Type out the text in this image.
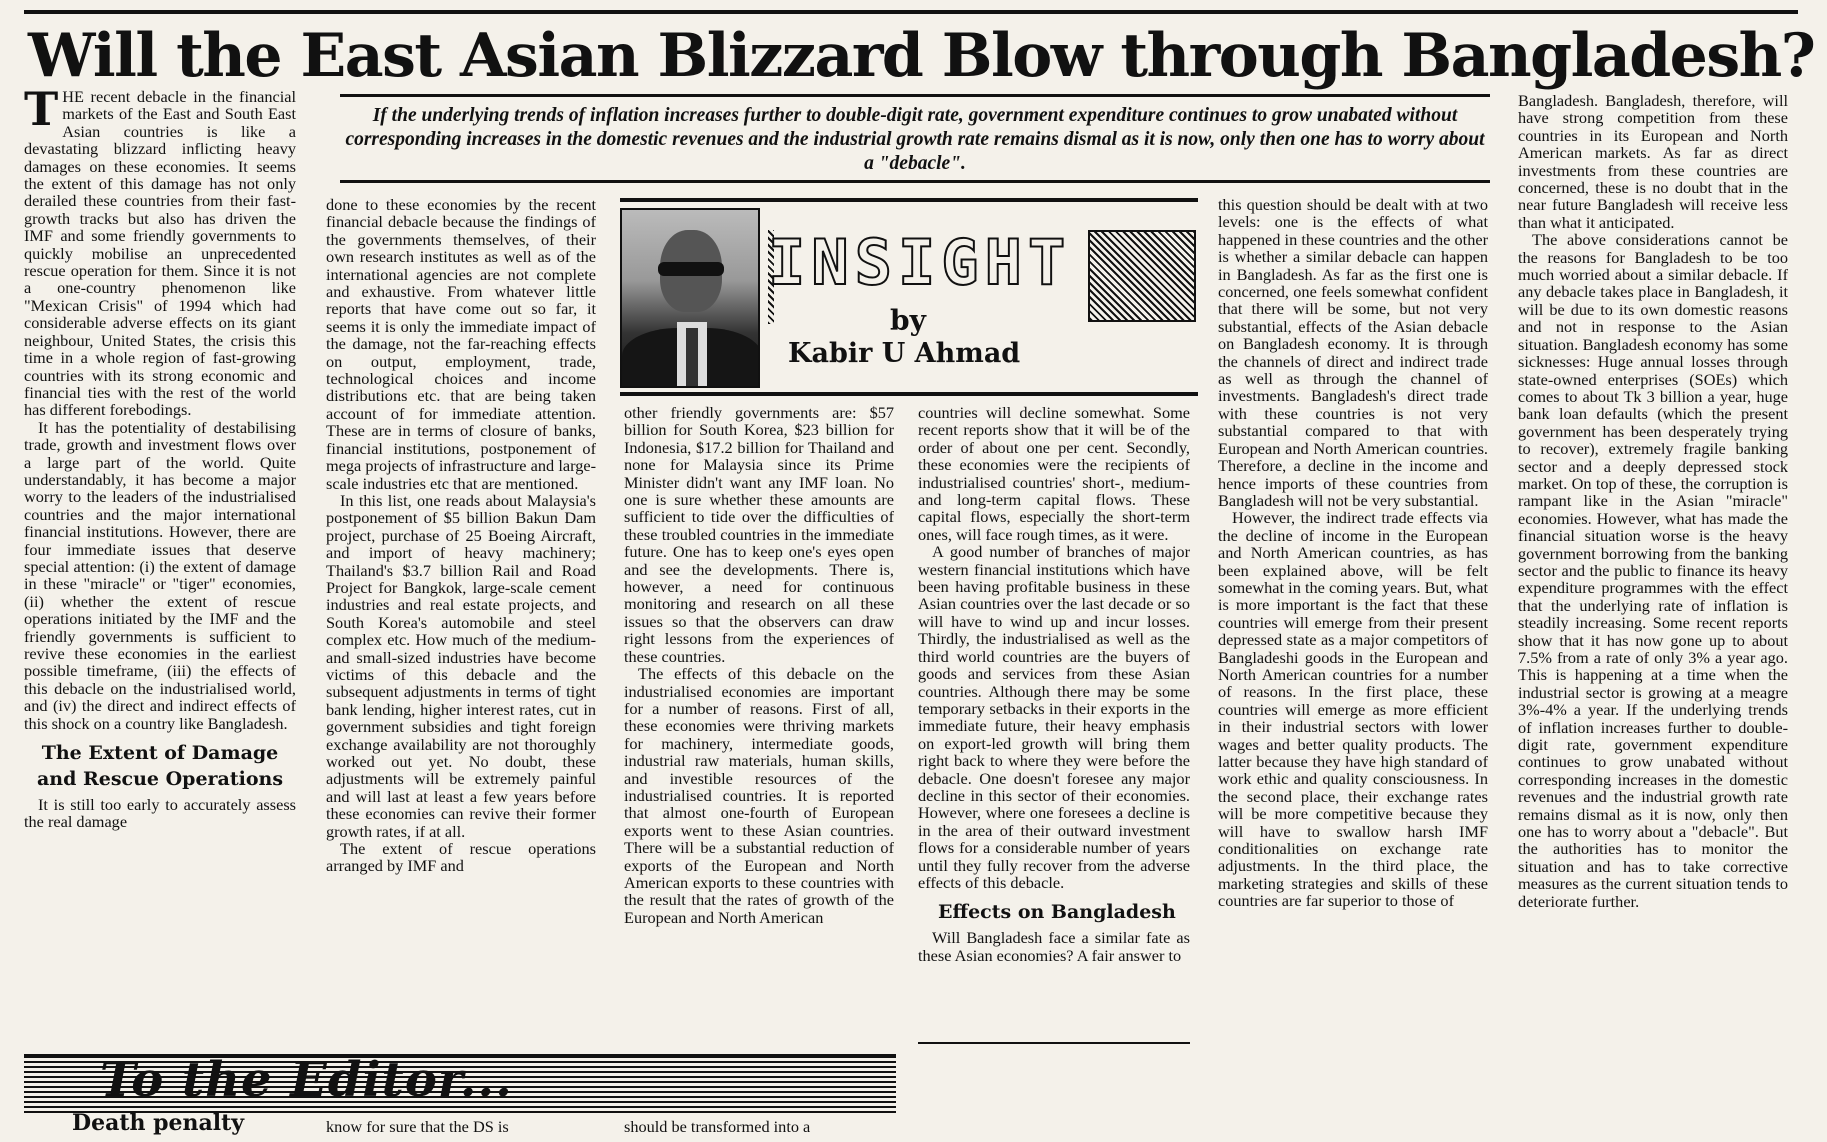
Will the East Asian Blizzard Blow through Bangladesh?

THE recent debacle in the financial markets of the East and South East Asian countries is like a devastating blizzard inflicting heavy damages on these economies. It seems the extent of this damage has not only derailed these countries from their fast-growth tracks but also has driven the IMF and some friendly governments to quickly mobilise an unprecedented rescue operation for them. Since it is not a one-country phenomenon like "Mexican Crisis" of 1994 which had considerable adverse effects on its giant neighbour, United States, the crisis this time in a whole region of fast-growing countries with its strong economic and financial ties with the rest of the world has different forebodings.

It has the potentiality of destabilising trade, growth and investment flows over a large part of the world. Quite understandably, it has become a major worry to the leaders of the industrialised countries and the major international financial institutions. However, there are four immediate issues that deserve special attention: (i) the extent of damage in these "miracle" or "tiger" economies, (ii) whether the extent of rescue operations initiated by the IMF and the friendly governments is sufficient to revive these economies in the earliest possible timeframe, (iii) the effects of this debacle on the industrialised world, and (iv) the direct and indirect effects of this shock on a country like Bangladesh.

The Extent of Damage
and Rescue Operations

It is still too early to accurately assess the real damage

If the underlying trends of inflation increases further to double-digit rate, government expenditure continues to grow unabated without corresponding increases in the domestic revenues and the industrial growth rate remains dismal as it is now, only then one has to worry about a "debacle".

done to these economies by the recent financial debacle because the findings of the governments themselves, of their own research institutes as well as of the international agencies are not complete and exhaustive. From whatever little reports that have come out so far, it seems it is only the immediate impact of the damage, not the far-reaching effects on output, employment, trade, technological choices and income distributions etc. that are being taken account of for immediate attention. These are in terms of closure of banks, financial institutions, postponement of mega projects of infrastructure and large-scale industries etc that are mentioned.

In this list, one reads about Malaysia's postponement of $5 billion Bakun Dam project, purchase of 25 Boeing Aircraft, and import of heavy machinery; Thailand's $3.7 billion Rail and Road Project for Bangkok, large-scale cement industries and real estate projects, and South Korea's automobile and steel complex etc. How much of the medium- and small-sized industries have become victims of this debacle and the subsequent adjustments in terms of tight bank lending, higher interest rates, cut in government subsidies and tight foreign exchange availability are not thoroughly worked out yet. No doubt, these adjustments will be extremely painful and will last at least a few years before these economies can revive their former growth rates, if at all.

The extent of rescue operations arranged by IMF and

INSIGHT
by
Kabir U Ahmad

other friendly governments are: $57 billion for South Korea, $23 billion for Indonesia, $17.2 billion for Thailand and none for Malaysia since its Prime Minister didn't want any IMF loan. No one is sure whether these amounts are sufficient to tide over the difficulties of these troubled countries in the immediate future. One has to keep one's eyes open and see the developments. There is, however, a need for continuous monitoring and research on all these issues so that the observers can draw right lessons from the experiences of these countries.

The effects of this debacle on the industrialised economies are important for a number of reasons. First of all, these economies were thriving markets for machinery, intermediate goods, industrial raw materials, human skills, and investible resources of the industrialised countries. It is reported that almost one-fourth of European exports went to these Asian countries. There will be a substantial reduction of exports of the European and North American exports to these countries with the result that the rates of growth of the European and North American

countries will decline somewhat. Some recent reports show that it will be of the order of about one per cent. Secondly, these economies were the recipients of industrialised countries' short-, medium- and long-term capital flows. These capital flows, especially the short-term ones, will face rough times, as it were.

A good number of branches of major western financial institutions which have been having profitable business in these Asian countries over the last decade or so will have to wind up and incur losses. Thirdly, the industrialised as well as the third world countries are the buyers of goods and services from these Asian countries. Although there may be some temporary setbacks in their exports in the immediate future, their heavy emphasis on export-led growth will bring them right back to where they were before the debacle. One doesn't foresee any major decline in this sector of their economies. However, where one foresees a decline is in the area of their outward investment flows for a considerable number of years until they fully recover from the adverse effects of this debacle.

Effects on Bangladesh

Will Bangladesh face a similar fate as these Asian economies? A fair answer to

this question should be dealt with at two levels: one is the effects of what happened in these countries and the other is whether a similar debacle can happen in Bangladesh. As far as the first one is concerned, one feels somewhat confident that there will be some, but not very substantial, effects of the Asian debacle on Bangladesh economy. It is through the channels of direct and indirect trade as well as through the channel of investments. Bangladesh's direct trade with these countries is not very substantial compared to that with European and North American countries. Therefore, a decline in the income and hence imports of these countries from Bangladesh will not be very substantial.

However, the indirect trade effects via the decline of income in the European and North American countries, as has been explained above, will be felt somewhat in the coming years. But, what is more important is the fact that these countries will emerge from their present depressed state as a major competitors of Bangladeshi goods in the European and North American countries for a number of reasons. In the first place, these countries will emerge as more efficient in their industrial sectors with lower wages and better quality products. The latter because they have high standard of work ethic and quality consciousness. In the second place, their exchange rates will be more competitive because they will have to swallow harsh IMF conditionalities on exchange rate adjustments. In the third place, the marketing strategies and skills of these countries are far superior to those of

Bangladesh. Bangladesh, therefore, will have strong competition from these countries in its European and North American markets. As far as direct investments from these countries are concerned, these is no doubt that in the near future Bangladesh will receive less than what it anticipated.

The above considerations cannot be the reasons for Bangladesh to be too much worried about a similar debacle. If any debacle takes place in Bangladesh, it will be due to its own domestic reasons and not in response to the Asian situation. Bangladesh economy has some sicknesses: Huge annual losses through state-owned enterprises (SOEs) which comes to about Tk 3 billion a year, huge bank loan defaults (which the present government has been desperately trying to recover), extremely fragile banking sector and a deeply depressed stock market. On top of these, the corruption is rampant like in the Asian "miracle" economies. However, what has made the financial situation worse is the heavy government borrowing from the banking sector and the public to finance its heavy expenditure programmes with the effect that the underlying rate of inflation is steadily increasing. Some recent reports show that it has now gone up to about 7.5% from a rate of only 3% a year ago. This is happening at a time when the industrial sector is growing at a meagre 3%-4% a year. If the underlying trends of inflation increases further to double-digit rate, government expenditure continues to grow unabated without corresponding increases in the domestic revenues and the industrial growth rate remains dismal as it is now, only then one has to worry about a "debacle". But the authorities has to monitor the situation and has to take corrective measures as the current situation tends to deteriorate further.

To the Editor...
Death penalty	know for sure that the DS is	should be transformed into a
